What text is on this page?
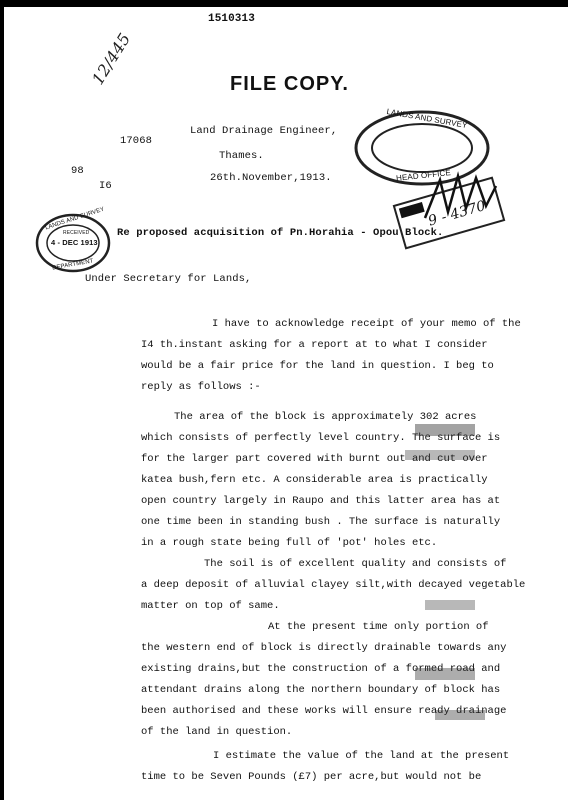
1510313
12/445	FILE COPY.
17068
98
I6
Land Drainage Engineer,
Thames.
26th.November,1913.
LANDS AND SURVEY
HEAD OFFICE
9 - 4370
LANDS AND SURVEY
RECEIVED
4 - DEC 1913
DEPARTMENT
Re proposed acquisition of Pn.Horahia - Opou Block.
Under Secretary for Lands,
I have to acknowledge receipt of your memo of the
I4 th.instant asking for a report at to what I consider
would be a fair price for the land in question. I beg to
reply as follows :-
The area of the block is approximately 302 acres
which consists of perfectly level country. The surface is
for the larger part covered with burnt out and cut over
katea bush,fern etc. A considerable area is practically
open country largely in Raupo and this latter area has at
one time been in standing bush . The surface is naturally
in a rough state being full of 'pot' holes etc.
The soil is of excellent quality and consists of
a deep deposit of alluvial clayey silt,with decayed vegetable
matter on top of same.
At the present time only portion of
the western end of block is directly drainable towards any
existing drains,but the construction of a formed road and
attendant drains along the northern boundary of block has
been authorised and these works will ensure ready drainage
of the land in question.
I estimate the value of the land at the present
time to be Seven Pounds (£7) per acre,but would not be
